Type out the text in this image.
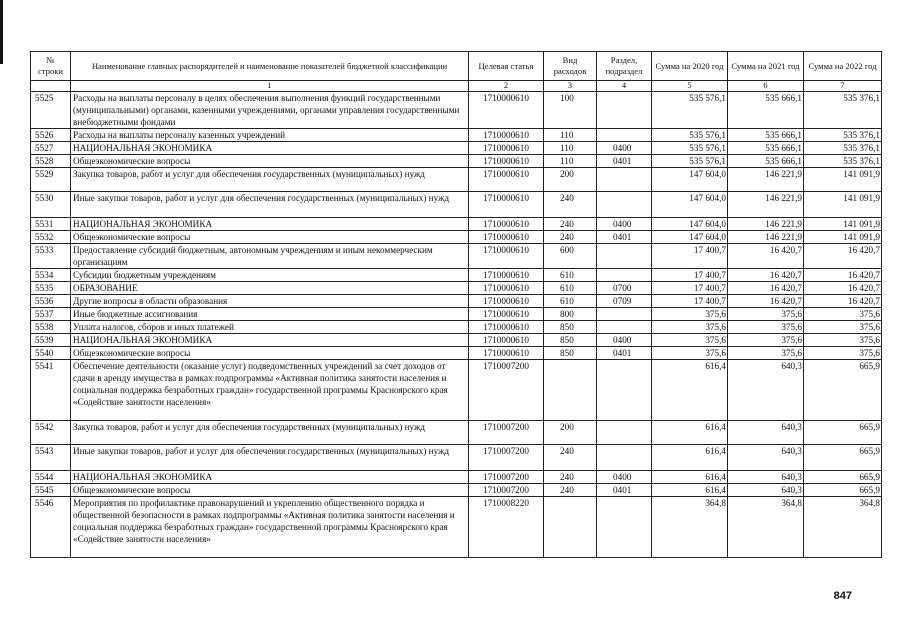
№ строки	Наименование главных распорядителей и наименование показателей бюджетной классификации	Целевая статья	Вид расходов	Раздел, подраздел	Сумма на 2020 год	Сумма на 2021 год	Сумма на 2022 год
	1	2	3	4	5	6	7
5525	Расходы на выплаты персоналу в целях обеспечения выполнения функций государственными (муниципальными) органами, казенными учреждениями, органами управления государственными внебюджетными фондами	1710000610	100		535 576,1	535 666,1	535 376,1
5526	Расходы на выплаты персоналу казенных учреждений	1710000610	110		535 576,1	535 666,1	535 376,1
5527	НАЦИОНАЛЬНАЯ ЭКОНОМИКА	1710000610	110	0400	535 576,1	535 666,1	535 376,1
5528	Общеэкономические вопросы	1710000610	110	0401	535 576,1	535 666,1	535 376,1
5529	Закупка товаров, работ и услуг для обеспечения государственных (муниципальных) нужд	1710000610	200		147 604,0	146 221,9	141 091,9
5530	Иные закупки товаров, работ и услуг для обеспечения государственных (муниципальных) нужд	1710000610	240		147 604,0	146 221,9	141 091,9
5531	НАЦИОНАЛЬНАЯ ЭКОНОМИКА	1710000610	240	0400	147 604,0	146 221,9	141 091,9
5532	Общеэкономические вопросы	1710000610	240	0401	147 604,0	146 221,9	141 091,9
5533	Предоставление субсидий бюджетным, автономным учреждениям и иным некоммерческим организациям	1710000610	600		17 400,7	16 420,7	16 420,7
5534	Субсидии бюджетным учреждениям	1710000610	610		17 400,7	16 420,7	16 420,7
5535	ОБРАЗОВАНИЕ	1710000610	610	0700	17 400,7	16 420,7	16 420,7
5536	Другие вопросы в области образования	1710000610	610	0709	17 400,7	16 420,7	16 420,7
5537	Иные бюджетные ассигнования	1710000610	800		375,6	375,6	375,6
5538	Уплата налогов, сборов и иных платежей	1710000610	850		375,6	375,6	375,6
5539	НАЦИОНАЛЬНАЯ ЭКОНОМИКА	1710000610	850	0400	375,6	375,6	375,6
5540	Общеэкономические вопросы	1710000610	850	0401	375,6	375,6	375,6
5541	Обеспечение деятельности (оказание услуг) подведомственных учреждений за счет доходов от сдачи в аренду имущества в рамках подпрограммы «Активная политика занятости населения и социальная поддержка безработных граждан» государственной программы Красноярского края «Содействие занятости населения»	1710007200			616,4	640,3	665,9
5542	Закупка товаров, работ и услуг для обеспечения государственных (муниципальных) нужд	1710007200	200		616,4	640,3	665,9
5543	Иные закупки товаров, работ и услуг для обеспечения государственных (муниципальных) нужд	1710007200	240		616,4	640,3	665,9
5544	НАЦИОНАЛЬНАЯ ЭКОНОМИКА	1710007200	240	0400	616,4	640,3	665,9
5545	Общеэкономические вопросы	1710007200	240	0401	616,4	640,3	665,9
5546	Мероприятия по профилактике правонарушений и укреплению общественного порядка и общественной безопасности в рамках подпрограммы «Активная политика занятости населения и социальная поддержка безработных граждан» государственной программы Красноярского края «Содействие занятости населения»	1710008220			364,8	364,8	364,8
847
